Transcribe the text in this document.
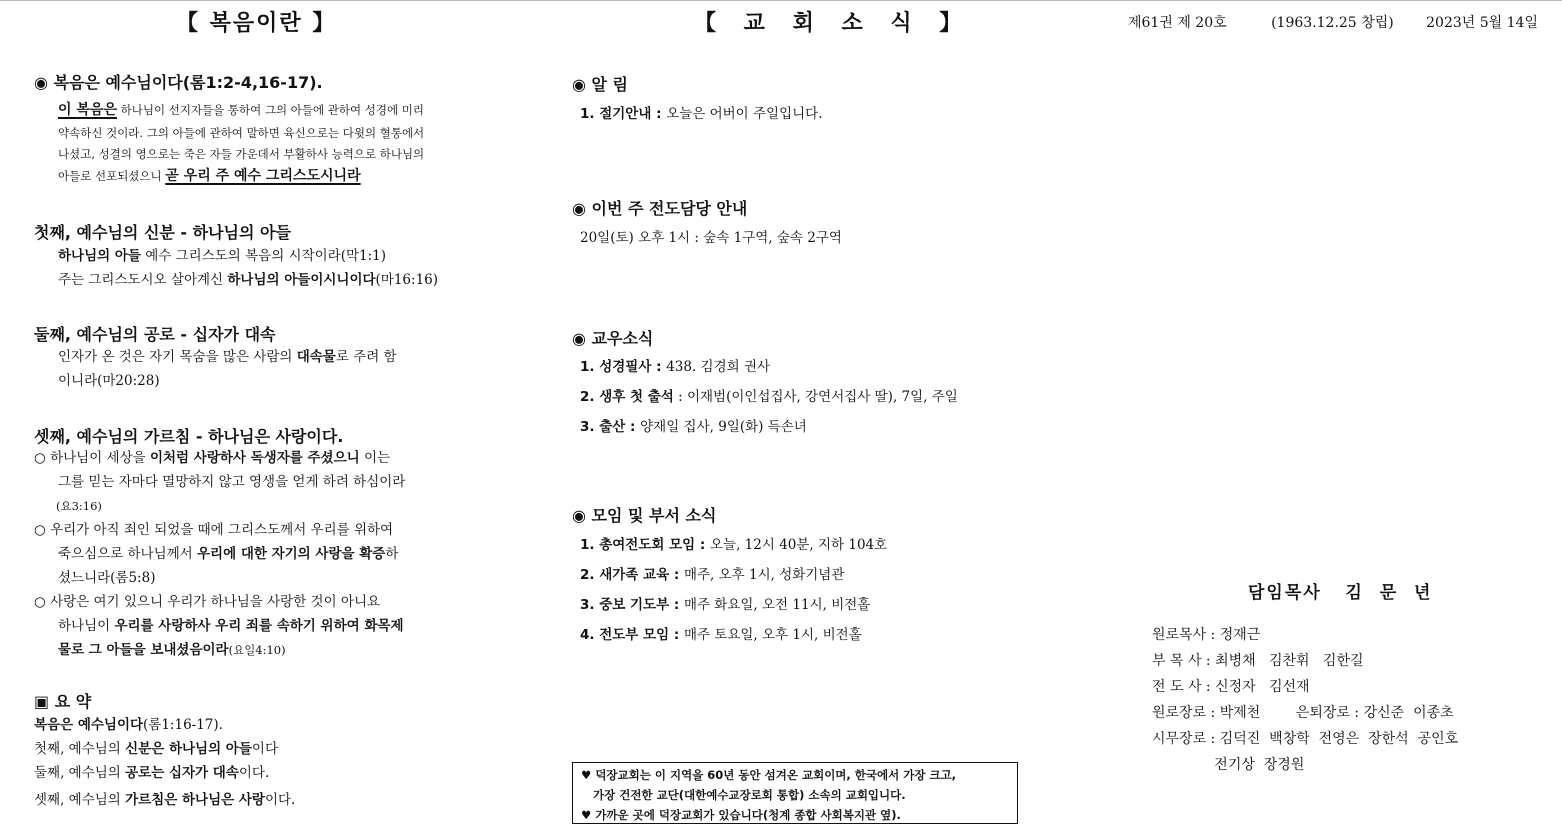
【 복음이란 】
◉ 복음은 예수님이다(롬1:2-4,16-17).
이 복음은 하나님이 선지자들을 통하여 그의 아들에 관하여 성경에 미리
약속하신 것이라. 그의 아들에 관하여 말하면 육신으로는 다윗의 혈통에서
나셨고, 성결의 영으로는 죽은 자들 가운데서 부활하사 능력으로 하나님의
아들로 선포되셨으니 곧 우리 주 예수 그리스도시니라
첫째, 예수님의 신분 - 하나님의 아들
하나님의 아들 예수 그리스도의 복음의 시작이라(막1:1)
주는 그리스도시오 살아계신 하나님의 아들이시니이다(마16:16)
둘째, 예수님의 공로 - 십자가 대속
인자가 온 것은 자기 목숨을 많은 사람의 대속물로 주려 함
이니라(마20:28)
셋째, 예수님의 가르침 - 하나님은 사랑이다.
○ 하나님이 세상을 이처럼 사랑하사 독생자를 주셨으니 이는
그를 믿는 자마다 멸망하지 않고 영생을 얻게 하려 하심이라
(요3:16)
○ 우리가 아직 죄인 되었을 때에 그리스도께서 우리를 위하여
죽으심으로 하나님께서 우리에 대한 자기의 사랑을 확증하
셨느니라(롬5:8)
○ 사랑은 여기 있으니 우리가 하나님을 사랑한 것이 아니요
하나님이 우리를 사랑하사 우리 죄를 속하기 위하여 화목제
물로 그 아들을 보내셨음이라(요일4:10)
▣ 요 약
복음은 예수님이다(롬1:16-17).
첫째, 예수님의 신분은 하나님의 아들이다
둘째, 예수님의 공로는 십자가 대속이다.
셋째, 예수님의 가르침은 하나님은 사랑이다.
【 교 회 소 식 】
◉ 알 림
1. 절기안내 : 오늘은 어버이 주일입니다.
◉ 이번 주 전도담당 안내
20일(토) 오후 1시 : 숲속 1구역, 숲속 2구역
◉ 교우소식
1. 성경필사 : 438. 김경희 권사
2. 생후 첫 출석 : 이재범(이인섭집사, 강연서집사 딸), 7일, 주일
3. 출산 : 양재일 집사, 9일(화) 득손녀
◉ 모임 및 부서 소식
1. 총여전도회 모임 : 오늘, 12시 40분, 지하 104호
2. 새가족 교육 : 매주, 오후 1시, 성화기념관
3. 중보 기도부 : 매주 화요일, 오전 11시, 비전홀
4. 전도부 모임 : 매주 토요일, 오후 1시, 비전홀
♥ 덕장교회는 이 지역을 60년 동안 섬겨온 교회이며, 한국에서 가장 크고,
가장 건전한 교단(대한예수교장로회 통합) 소속의 교회입니다.
♥ 가까운 곳에 덕장교회가 있습니다(청계 종합 사회복지관 옆).
제61권 제 20호	(1963.12.25 창립) 2023년 5월 14일
담임목사   김  문  년
원로목사 : 정재근
부 목 사 : 최병채   김찬휘   김한길
전 도 사 : 신정자   김선재
원로장로 : 박제천        은퇴장로 : 강신준  이종초
시무장로 : 김덕진  백창학  전영은  장한석  공인호
전기상  장경원
